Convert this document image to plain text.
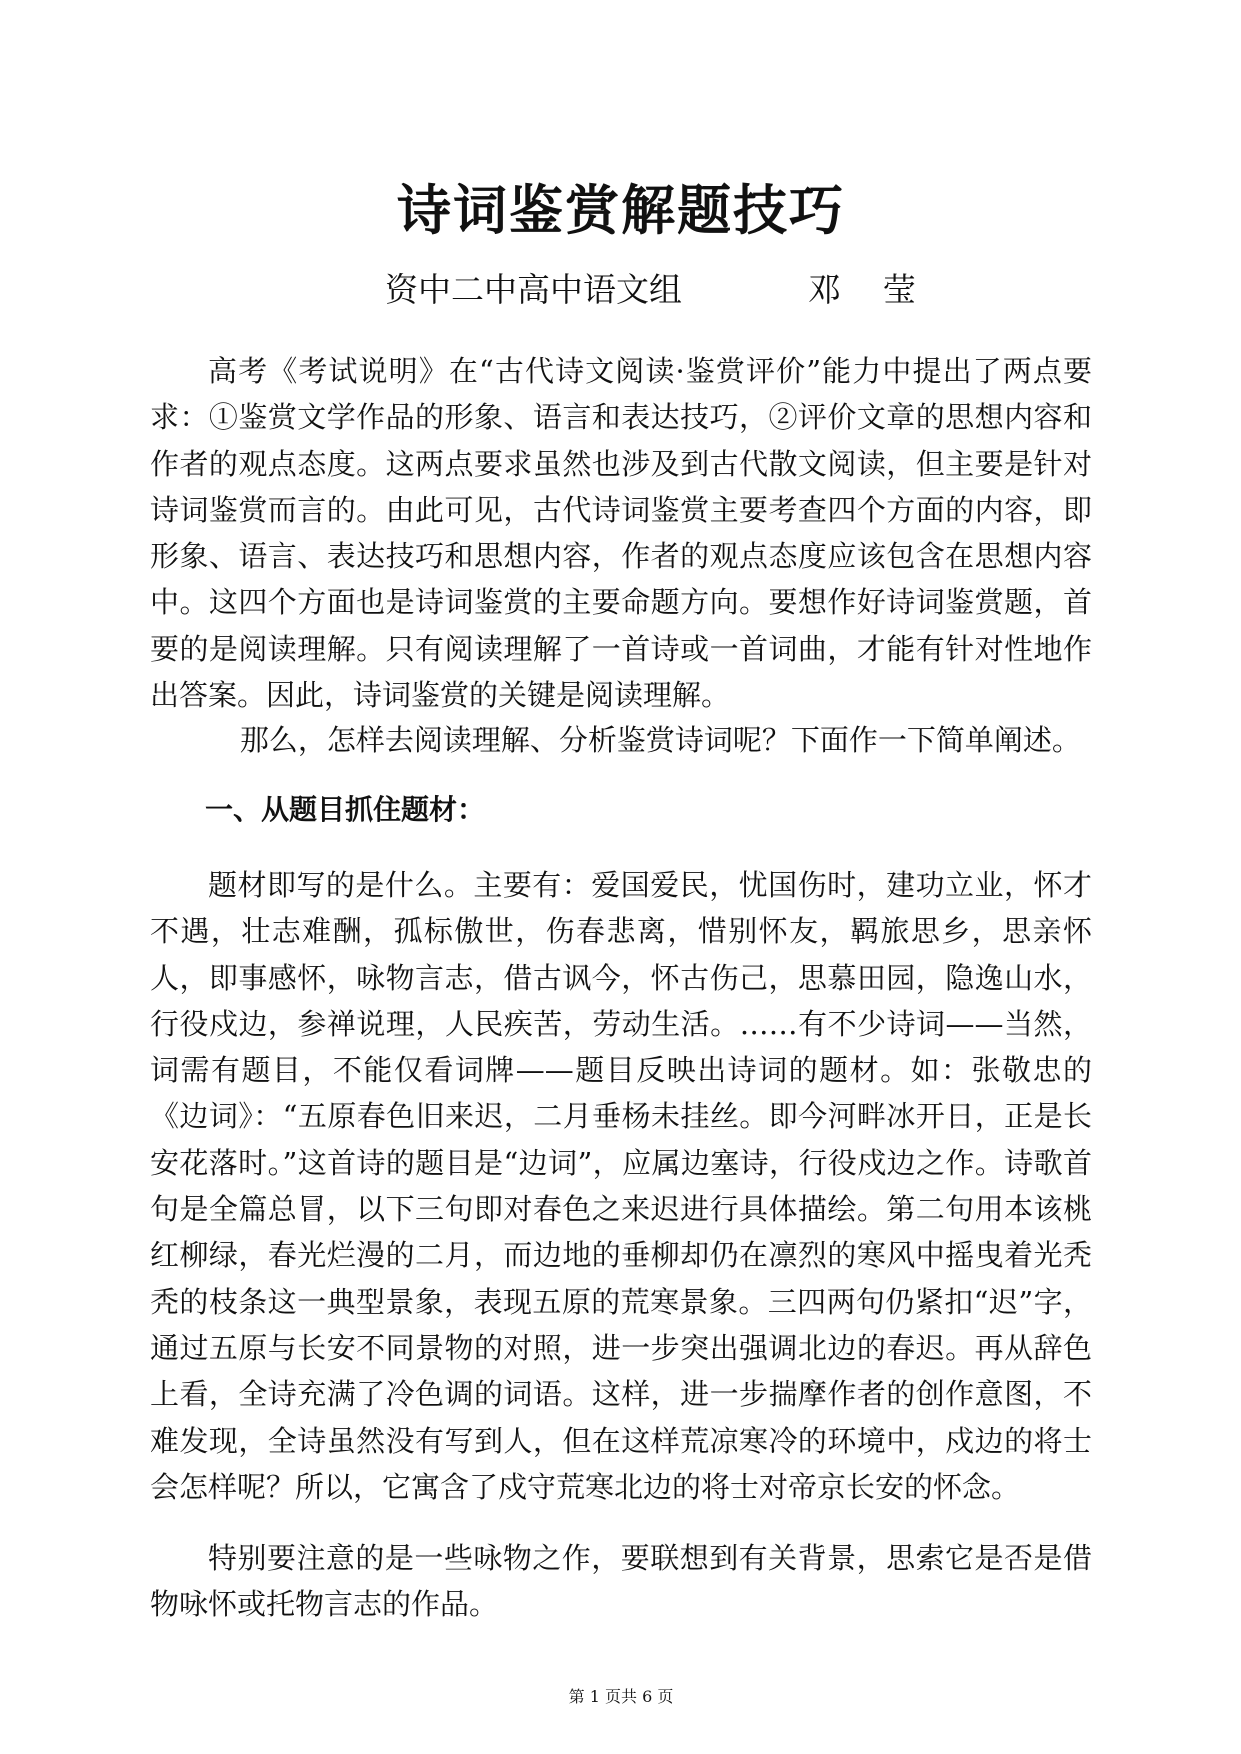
诗词鉴赏解题技巧
资中二中高中语文组            邓    莹

高考《考试说明》在“古代诗文阅读·鉴赏评价”能力中提出了两点要求：①鉴赏文学作品的形象、语言和表达技巧，②评价文章的思想内容和作者的观点态度。这两点要求虽然也涉及到古代散文阅读，但主要是针对诗词鉴赏而言的。由此可见，古代诗词鉴赏主要考查四个方面的内容，即形象、语言、表达技巧和思想内容，作者的观点态度应该包含在思想内容中。这四个方面也是诗词鉴赏的主要命题方向。要想作好诗词鉴赏题，首要的是阅读理解。只有阅读理解了一首诗或一首词曲，才能有针对性地作出答案。因此，诗词鉴赏的关键是阅读理解。

那么，怎样去阅读理解、分析鉴赏诗词呢？下面作一下简单阐述。

一、从题目抓住题材：

题材即写的是什么。主要有：爱国爱民，忧国伤时，建功立业，怀才不遇，壮志难酬，孤标傲世，伤春悲离，惜别怀友，羁旅思乡，思亲怀人，即事感怀，咏物言志，借古讽今，怀古伤己，思慕田园，隐逸山水，行役戍边，参禅说理，人民疾苦，劳动生活。……有不少诗词——当然，词需有题目，不能仅看词牌——题目反映出诗词的题材。如：张敬忠的《边词》：“五原春色旧来迟，二月垂杨未挂丝。即今河畔冰开日，正是长安花落时。”这首诗的题目是“边词”，应属边塞诗，行役戍边之作。诗歌首句是全篇总冒，以下三句即对春色之来迟进行具体描绘。第二句用本该桃红柳绿，春光烂漫的二月，而边地的垂柳却仍在凛烈的寒风中摇曳着光秃秃的枝条这一典型景象，表现五原的荒寒景象。三四两句仍紧扣“迟”字，通过五原与长安不同景物的对照，进一步突出强调北边的春迟。再从辞色上看，全诗充满了冷色调的词语。这样，进一步揣摩作者的创作意图，不难发现，全诗虽然没有写到人，但在这样荒凉寒冷的环境中，戍边的将士会怎样呢？所以，它寓含了戍守荒寒北边的将士对帝京长安的怀念。

特别要注意的是一些咏物之作，要联想到有关背景，思索它是否是借物咏怀或托物言志的作品。

第 1 页共 6 页
